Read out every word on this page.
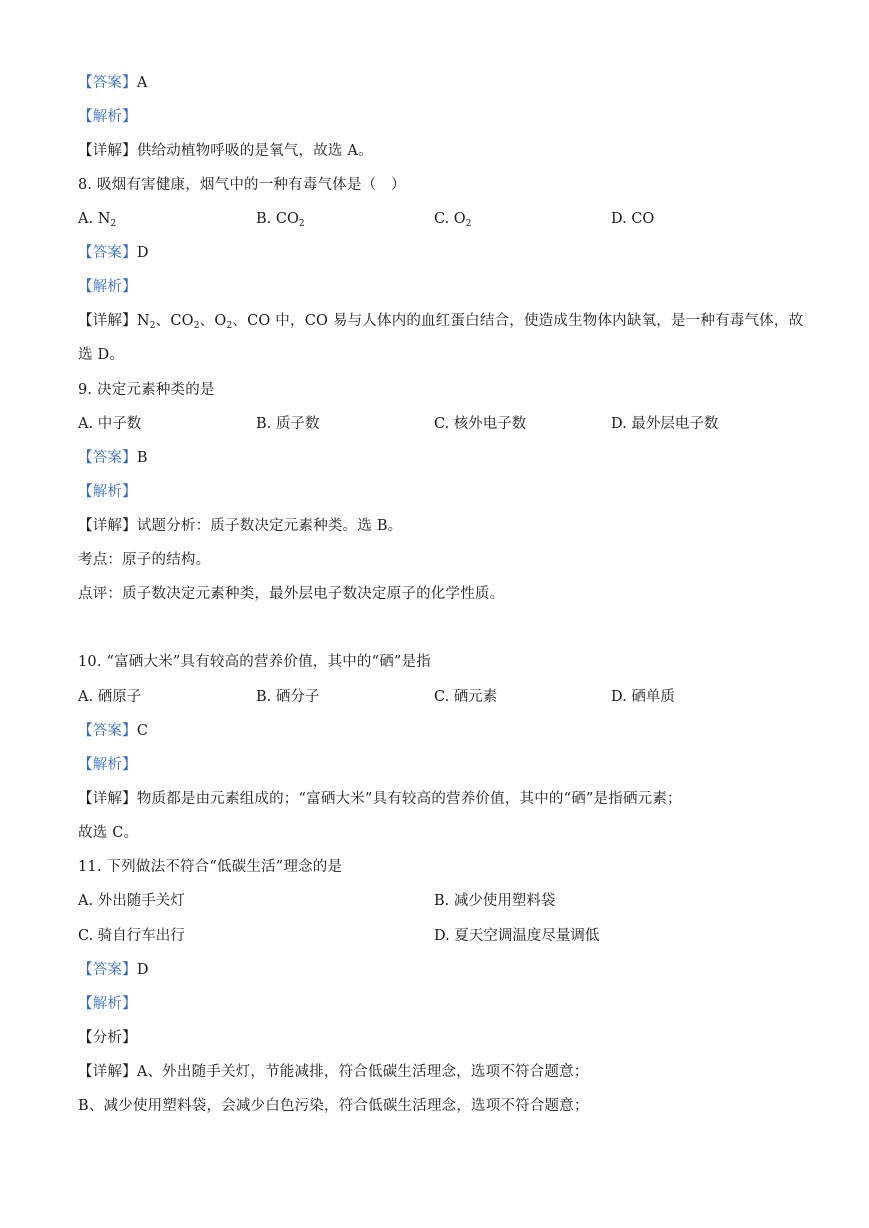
【答案】A
【解析】
【详解】供给动植物呼吸的是氧气，故选 A。
8. 吸烟有害健康，烟气中的一种有毒气体是（　）
A. $N_2$	B. $CO_2$	C. $O_2$	D. CO
【答案】D
【解析】
【详解】$N_2$、$CO_2$、$O_2$、CO 中，CO 易与人体内的血红蛋白结合，使造成生物体内缺氧，是一种有毒气体，故
选 D。
9. 决定元素种类的是
A. 中子数	B. 质子数	C. 核外电子数	D. 最外层电子数
【答案】B
【解析】
【详解】试题分析：质子数决定元素种类。选 B。
考点：原子的结构。
点评：质子数决定元素种类，最外层电子数决定原子的化学性质。
10. “富硒大米”具有较高的营养价值，其中的“硒”是指
A. 硒原子	B. 硒分子	C. 硒元素	D. 硒单质
【答案】C
【解析】
【详解】物质都是由元素组成的；“富硒大米”具有较高的营养价值，其中的“硒”是指硒元素；
故选 C。
11. 下列做法不符合“低碳生活”理念的是
A. 外出随手关灯	B. 减少使用塑料袋
C. 骑自行车出行	D. 夏天空调温度尽量调低
【答案】D
【解析】
【分析】
【详解】A、外出随手关灯，节能减排，符合低碳生活理念，选项不符合题意；
B、减少使用塑料袋，会减少白色污染，符合低碳生活理念，选项不符合题意；
